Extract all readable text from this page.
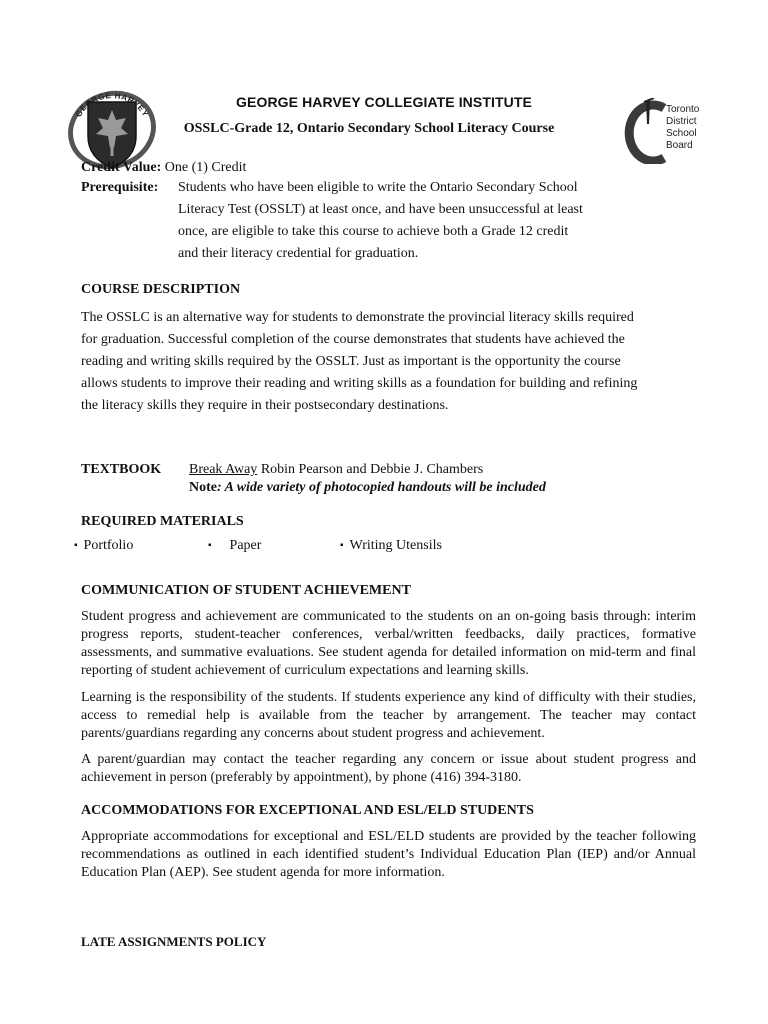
GEORGE HARVEY	Toronto
District
School
Board
GEORGE HARVEY COLLEGIATE INSTITUTE
OSSLC-Grade 12, Ontario Secondary School Literacy Course
Credit Value: One (1) Credit
Prerequisite: Students who have been eligible to write the Ontario Secondary School
Literacy Test (OSSLT) at least once, and have been unsuccessful at least
once, are eligible to take this course to achieve both a Grade 12 credit
and their literacy credential for graduation.
COURSE DESCRIPTION
The OSSLC is an alternative way for students to demonstrate the provincial literacy skills required
for graduation. Successful completion of the course demonstrates that students have achieved the
reading and writing skills required by the OSSLT. Just as important is the opportunity the course
allows students to improve their reading and writing skills as a foundation for building and refining
the literacy skills they require in their postsecondary destinations.
TEXTBOOK Break Away Robin Pearson and Debbie J. Chambers
Note: A wide variety of photocopied handouts will be included
REQUIRED MATERIALS
▪ Portfolio	▪ Paper	▪ Writing Utensils
COMMUNICATION OF STUDENT ACHIEVEMENT

Student progress and achievement are communicated to the students on an on-going basis through: interim progress reports, student-teacher conferences, verbal/written feedbacks, daily practices, formative assessments, and summative evaluations. See student agenda for detailed information on mid-term and final reporting of student achievement of curriculum expectations and learning skills.

Learning is the responsibility of the students. If students experience any kind of difficulty with their studies, access to remedial help is available from the teacher by arrangement. The teacher may contact parents/guardians regarding any concerns about student progress and achievement.

A parent/guardian may contact the teacher regarding any concern or issue about student progress and achievement in person (preferably by appointment), by phone (416) 394-3180.

ACCOMMODATIONS FOR EXCEPTIONAL AND ESL/ELD STUDENTS

Appropriate accommodations for exceptional and ESL/ELD students are provided by the teacher following recommendations as outlined in each identified student’s Individual Education Plan (IEP) and/or Annual Education Plan (AEP). See student agenda for more information.

LATE ASSIGNMENTS POLICY
